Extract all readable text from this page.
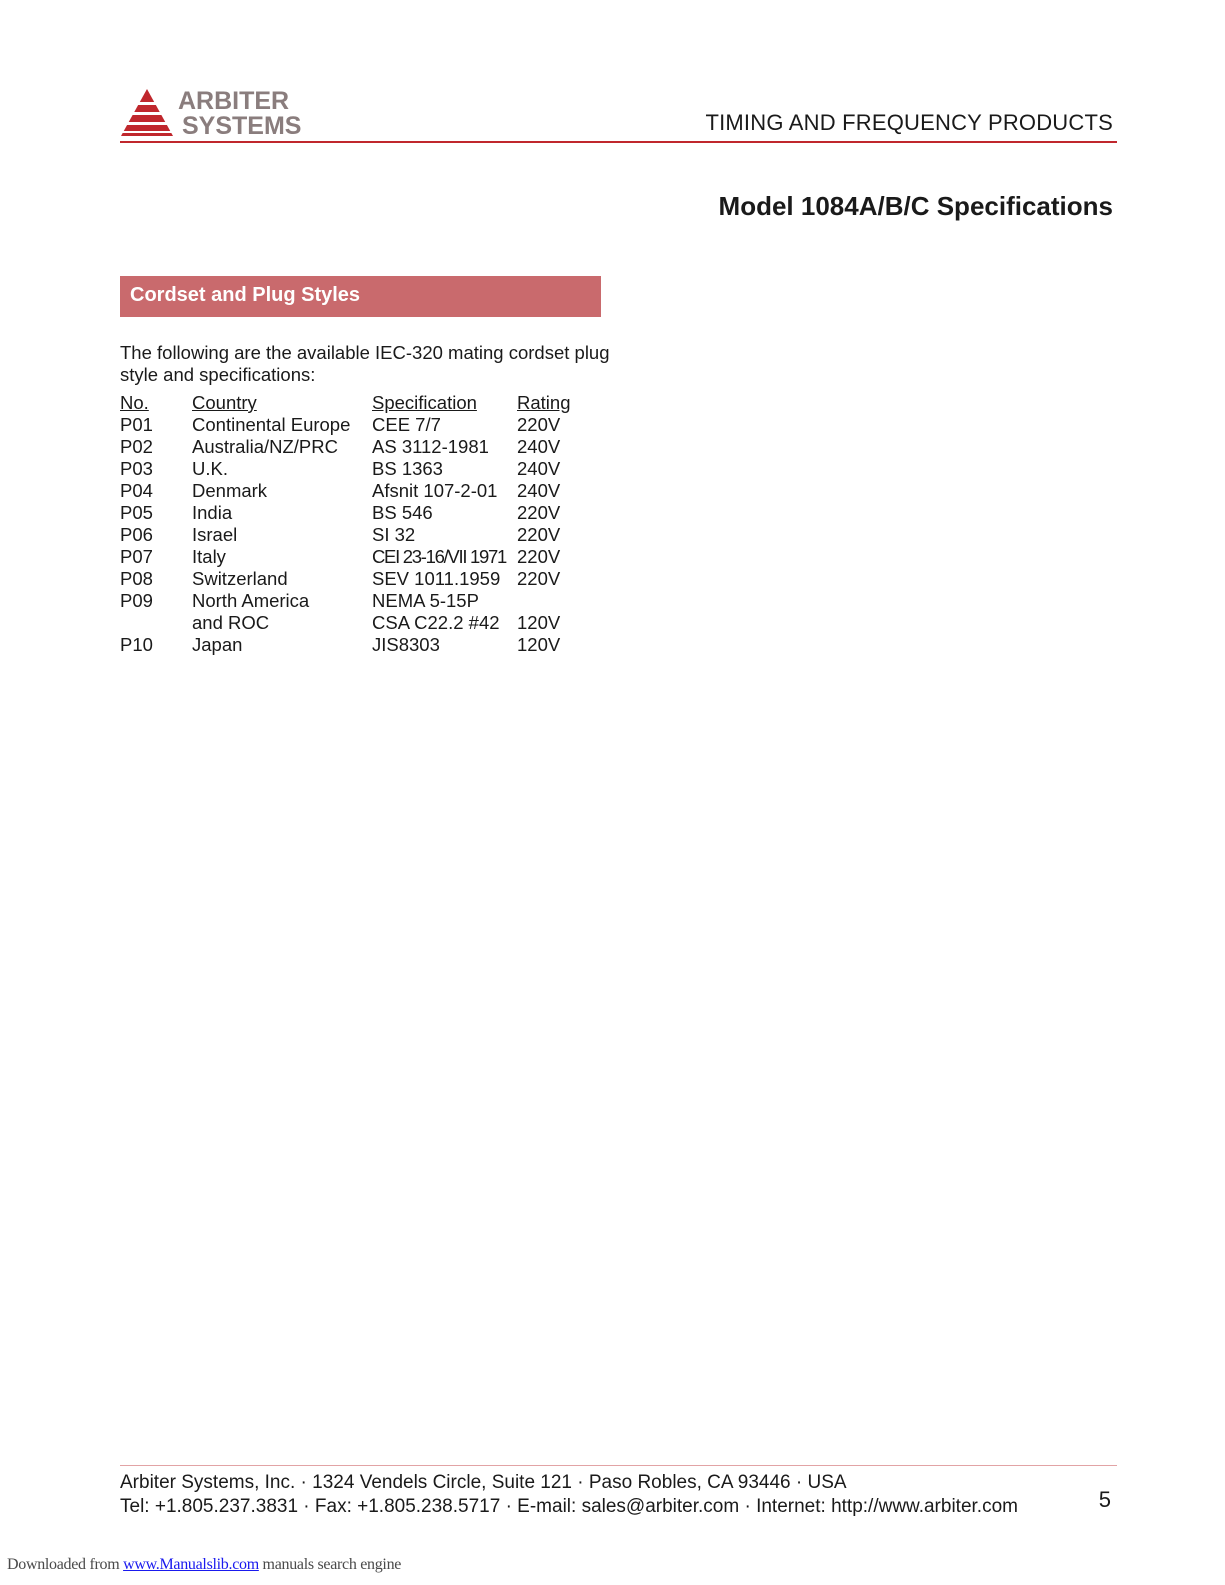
ARBITER
SYSTEMS	TIMING AND FREQUENCY PRODUCTS
Model 1084A/B/C Specifications
Cordset and Plug Styles

The following are the available IEC-320 mating cordset plug style and specifications:

No.	Country	Specification	Rating
P01	Continental Europe	CEE 7/7	220V
P02	Australia/NZ/PRC	AS 3112-1981	240V
P03	U.K.	BS 1363	240V
P04	Denmark	Afsnit 107-2-01	240V
P05	India	BS 546	220V
P06	Israel	SI 32	220V
P07	Italy	CEI 23-16/VII 1971	220V
P08	Switzerland	SEV 1011.1959	220V
P09	North America	NEMA 5-15P	
	and ROC	CSA C22.2 #42	120V
P10	Japan	JIS8303	120V
Arbiter Systems, Inc. · 1324 Vendels Circle, Suite 121 · Paso Robles, CA 93446 · USA
Tel: +1.805.237.3831 · Fax: +1.805.238.5717 · E-mail: sales@arbiter.com · Internet: http://www.arbiter.com	5
Downloaded from www.Manualslib.com manuals search engine
